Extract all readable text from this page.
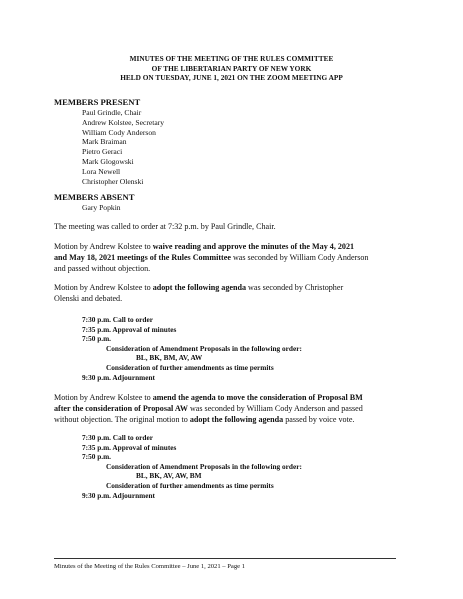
MINUTES OF THE MEETING OF THE RULES COMMITTEE
OF THE LIBERTARIAN PARTY OF NEW YORK
HELD ON TUESDAY, JUNE 1, 2021 ON THE ZOOM MEETING APP
MEMBERS PRESENT
Paul Grindle, Chair
Andrew Kolstee, Secretary
William Cody Anderson
Mark Braiman
Pietro Geraci
Mark Glogowski
Lora Newell
Christopher Olenski
MEMBERS ABSENT
Gary Popkin
The meeting was called to order at 7:32 p.m. by Paul Grindle, Chair.
Motion by Andrew Kolstee to waive reading and approve the minutes of the May 4, 2021
and May 18, 2021 meetings of the Rules Committee was seconded by William Cody Anderson
and passed without objection.
Motion by Andrew Kolstee to adopt the following agenda was seconded by Christopher
Olenski and debated.
7:30 p.m. Call to order
7:35 p.m. Approval of minutes
7:50 p.m.
Consideration of Amendment Proposals in the following order:
BL, BK, BM, AV, AW
Consideration of further amendments as time permits
9:30 p.m. Adjournment
Motion by Andrew Kolstee to amend the agenda to move the consideration of Proposal BM
after the consideration of Proposal AW was seconded by William Cody Anderson and passed
without objection. The original motion to adopt the following agenda passed by voice vote.
7:30 p.m. Call to order
7:35 p.m. Approval of minutes
7:50 p.m.
Consideration of Amendment Proposals in the following order:
BL, BK, AV, AW, BM
Consideration of further amendments as time permits
9:30 p.m. Adjournment
Minutes of the Meeting of the Rules Committee – June 1, 2021 – Page 1
